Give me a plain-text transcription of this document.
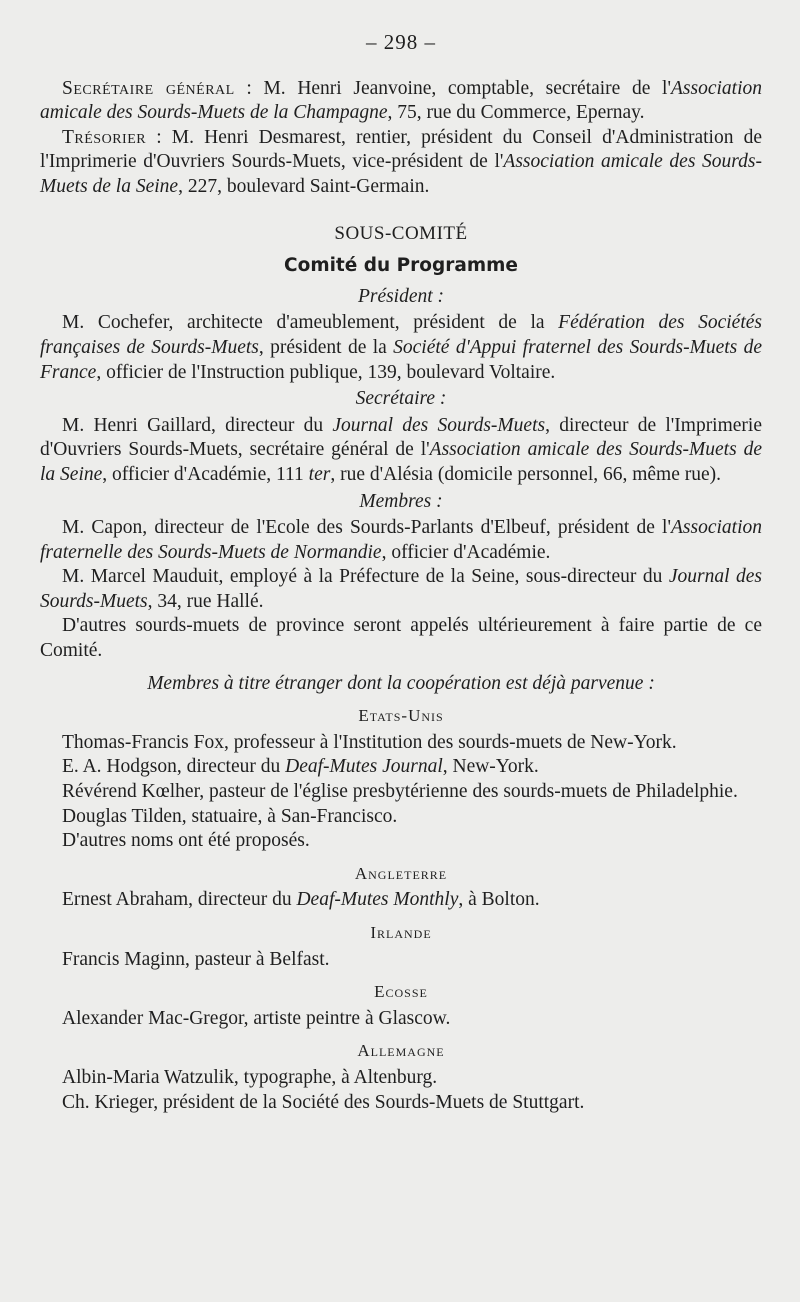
– 298 –

Secrétaire général : M. Henri Jeanvoine, comptable, secrétaire de l'Association amicale des Sourds-Muets de la Champagne, 75, rue du Commerce, Epernay.

Trésorier : M. Henri Desmarest, rentier, président du Conseil d'Administration de l'Imprimerie d'Ouvriers Sourds-Muets, vice-président de l'Association amicale des Sourds-Muets de la Seine, 227, boulevard Saint-Germain.

SOUS-COMITÉ
Comité du Programme
Président :

M. Cochefer, architecte d'ameublement, président de la Fédération des Sociétés françaises de Sourds-Muets, président de la Société d'Appui fraternel des Sourds-Muets de France, officier de l'Instruction publique, 139, boulevard Voltaire.

Secrétaire :

M. Henri Gaillard, directeur du Journal des Sourds-Muets, directeur de l'Imprimerie d'Ouvriers Sourds-Muets, secrétaire général de l'Association amicale des Sourds-Muets de la Seine, officier d'Académie, 111 ter, rue d'Alésia (domicile personnel, 66, même rue).

Membres :

M. Capon, directeur de l'Ecole des Sourds-Parlants d'Elbeuf, président de l'Association fraternelle des Sourds-Muets de Normandie, officier d'Académie.

M. Marcel Mauduit, employé à la Préfecture de la Seine, sous-directeur du Journal des Sourds-Muets, 34, rue Hallé.

D'autres sourds-muets de province seront appelés ultérieurement à faire partie de ce Comité.

Membres à titre étranger dont la coopération est déjà parvenue :
Etats-Unis

Thomas-Francis Fox, professeur à l'Institution des sourds-muets de New-York.

E. A. Hodgson, directeur du Deaf-Mutes Journal, New-York.

Révérend Kœlher, pasteur de l'église presbytérienne des sourds-muets de Philadelphie.

Douglas Tilden, statuaire, à San-Francisco.

D'autres noms ont été proposés.

Angleterre

Ernest Abraham, directeur du Deaf-Mutes Monthly, à Bolton.

Irlande

Francis Maginn, pasteur à Belfast.

Ecosse

Alexander Mac-Gregor, artiste peintre à Glascow.

Allemagne

Albin-Maria Watzulik, typographe, à Altenburg.

Ch. Krieger, président de la Société des Sourds-Muets de Stuttgart.
